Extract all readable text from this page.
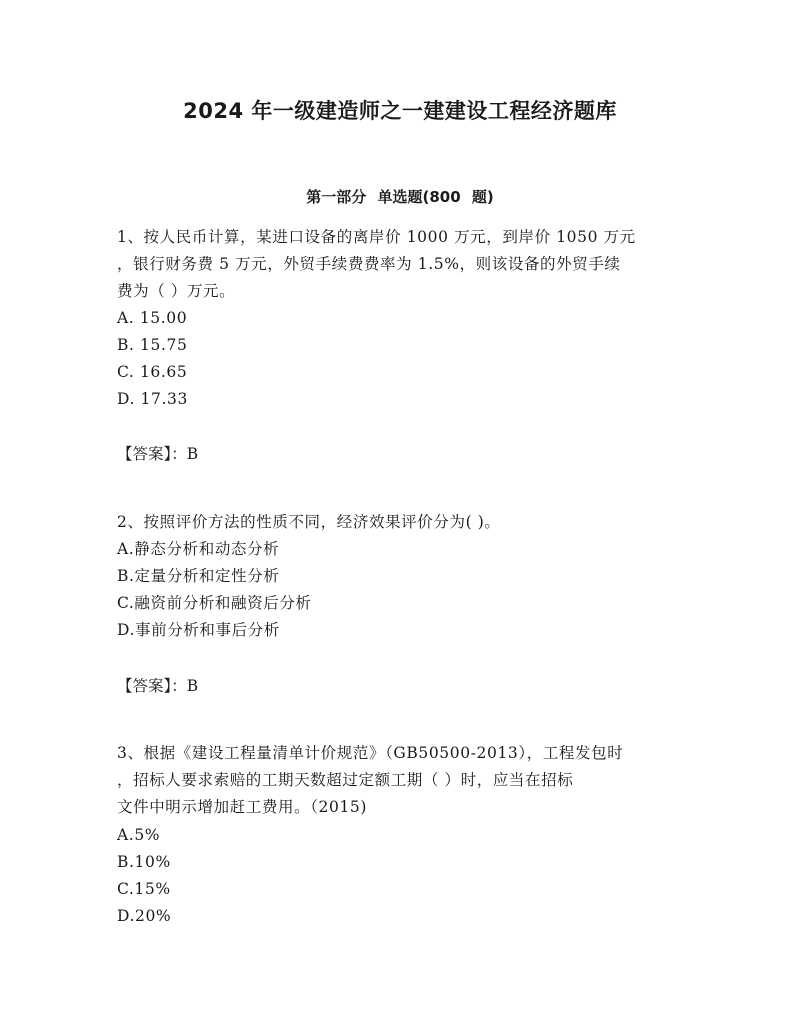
2024 年一级建造师之一建建设工程经济题库
第一部分 单选题(800 题)
1、按人民币计算，某进口设备的离岸价 1000 万元，到岸价 1050 万元
，银行财务费 5 万元，外贸手续费费率为 1.5%，则该设备的外贸手续
费为（ ）万元。
A. 15.00
B. 15.75
C. 16.65
D. 17.33
【答案】：B
2、按照评价方法的性质不同，经济效果评价分为( )。
A.静态分析和动态分析
B.定量分析和定性分析
C.融资前分析和融资后分析
D.事前分析和事后分析
【答案】：B
3、根据《建设工程量清单计价规范》（GB50500-2013），工程发包时
，招标人要求索赔的工期天数超过定额工期（ ）时，应当在招标
文件中明示增加赶工费用。（2015)
A.5%
B.10%
C.15%
D.20%
